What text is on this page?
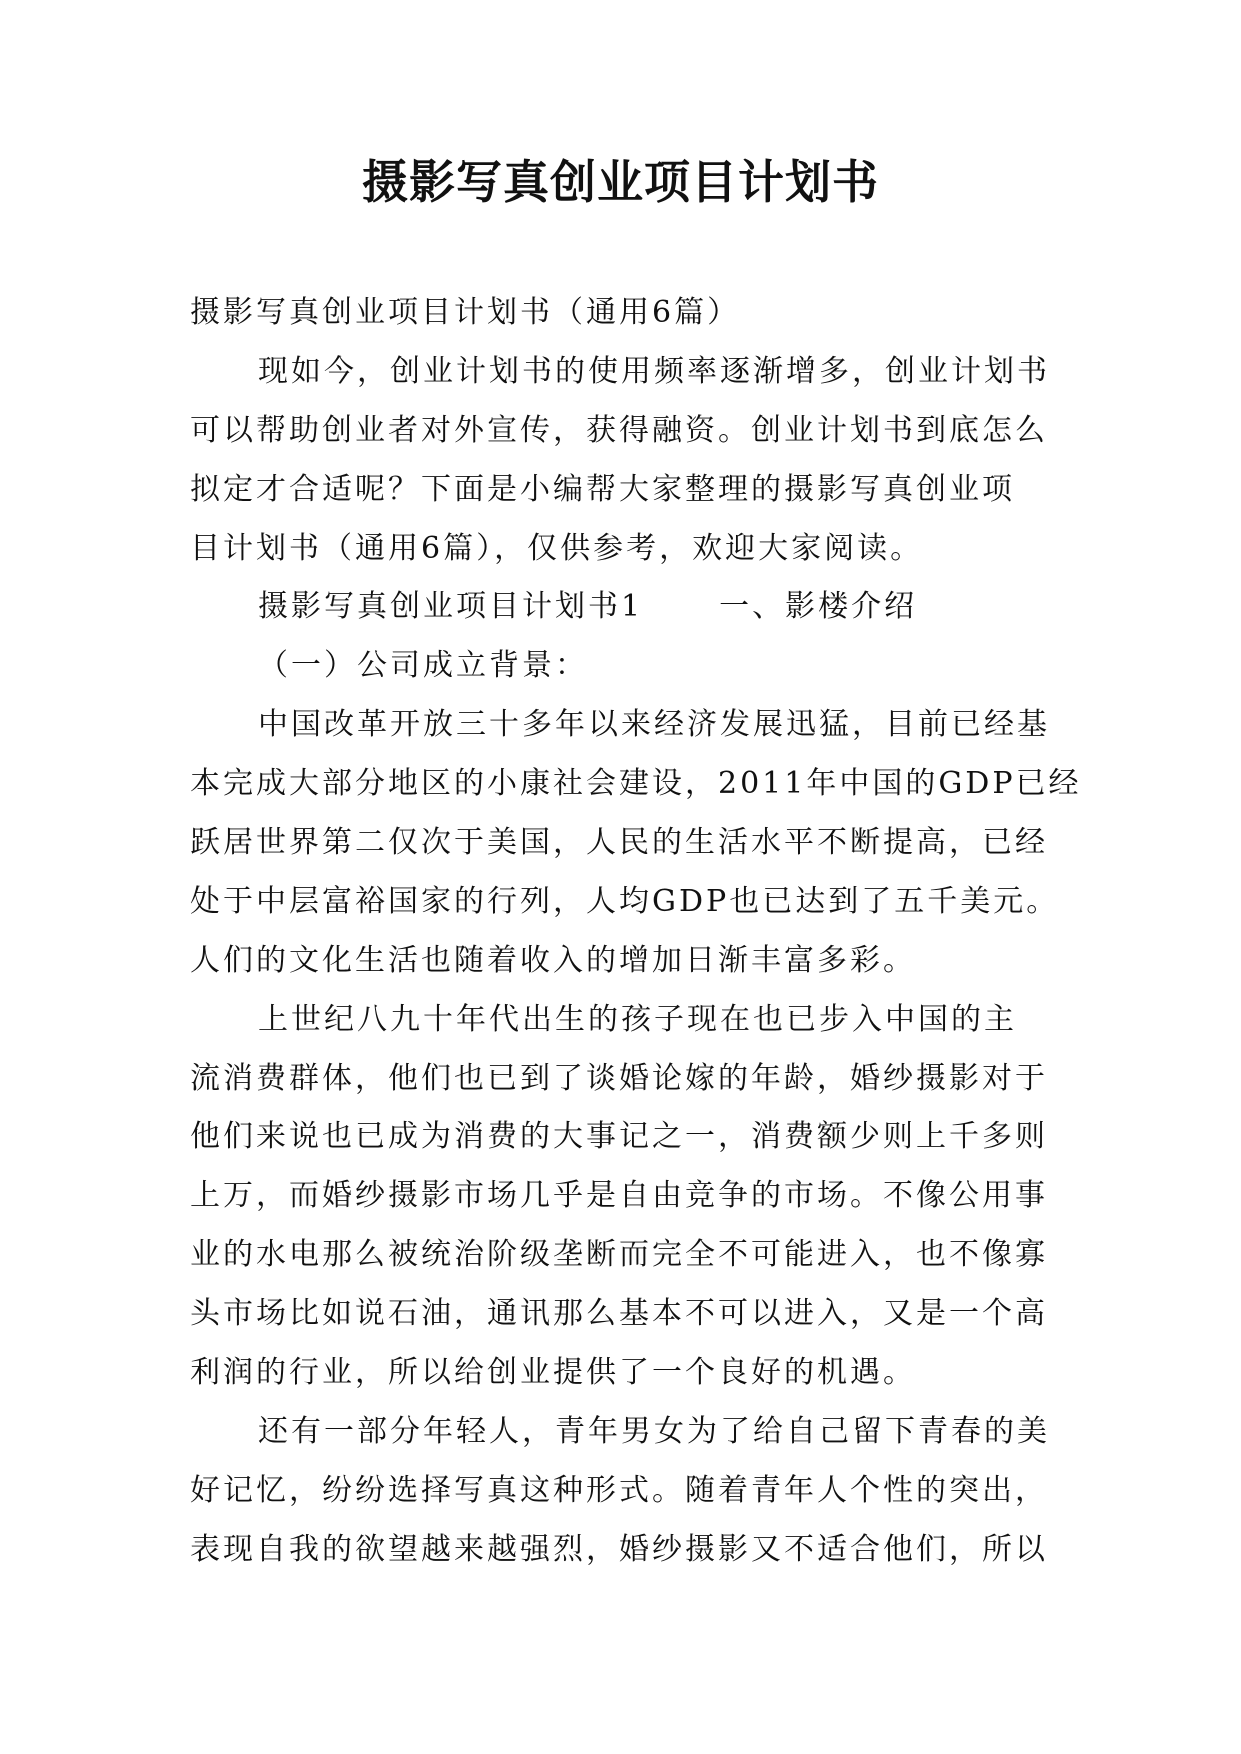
摄影写真创业项目计划书
摄影写真创业项目计划书（通用6篇）
现如今，创业计划书的使用频率逐渐增多，创业计划书
可以帮助创业者对外宣传，获得融资。创业计划书到底怎么
拟定才合适呢？下面是小编帮大家整理的摄影写真创业项
目计划书（通用6篇），仅供参考，欢迎大家阅读。
摄影写真创业项目计划书1	一、影楼介绍
（一）公司成立背景：
中国改革开放三十多年以来经济发展迅猛，目前已经基
本完成大部分地区的小康社会建设，2011年中国的GDP已经
跃居世界第二仅次于美国，人民的生活水平不断提高，已经
处于中层富裕国家的行列，人均GDP也已达到了五千美元。
人们的文化生活也随着收入的增加日渐丰富多彩。
上世纪八九十年代出生的孩子现在也已步入中国的主
流消费群体，他们也已到了谈婚论嫁的年龄，婚纱摄影对于
他们来说也已成为消费的大事记之一，消费额少则上千多则
上万，而婚纱摄影市场几乎是自由竞争的市场。不像公用事
业的水电那么被统治阶级垄断而完全不可能进入，也不像寡
头市场比如说石油，通讯那么基本不可以进入，又是一个高
利润的行业，所以给创业提供了一个良好的机遇。
还有一部分年轻人，青年男女为了给自己留下青春的美
好记忆，纷纷选择写真这种形式。随着青年人个性的突出，
表现自我的欲望越来越强烈，婚纱摄影又不适合他们，所以
